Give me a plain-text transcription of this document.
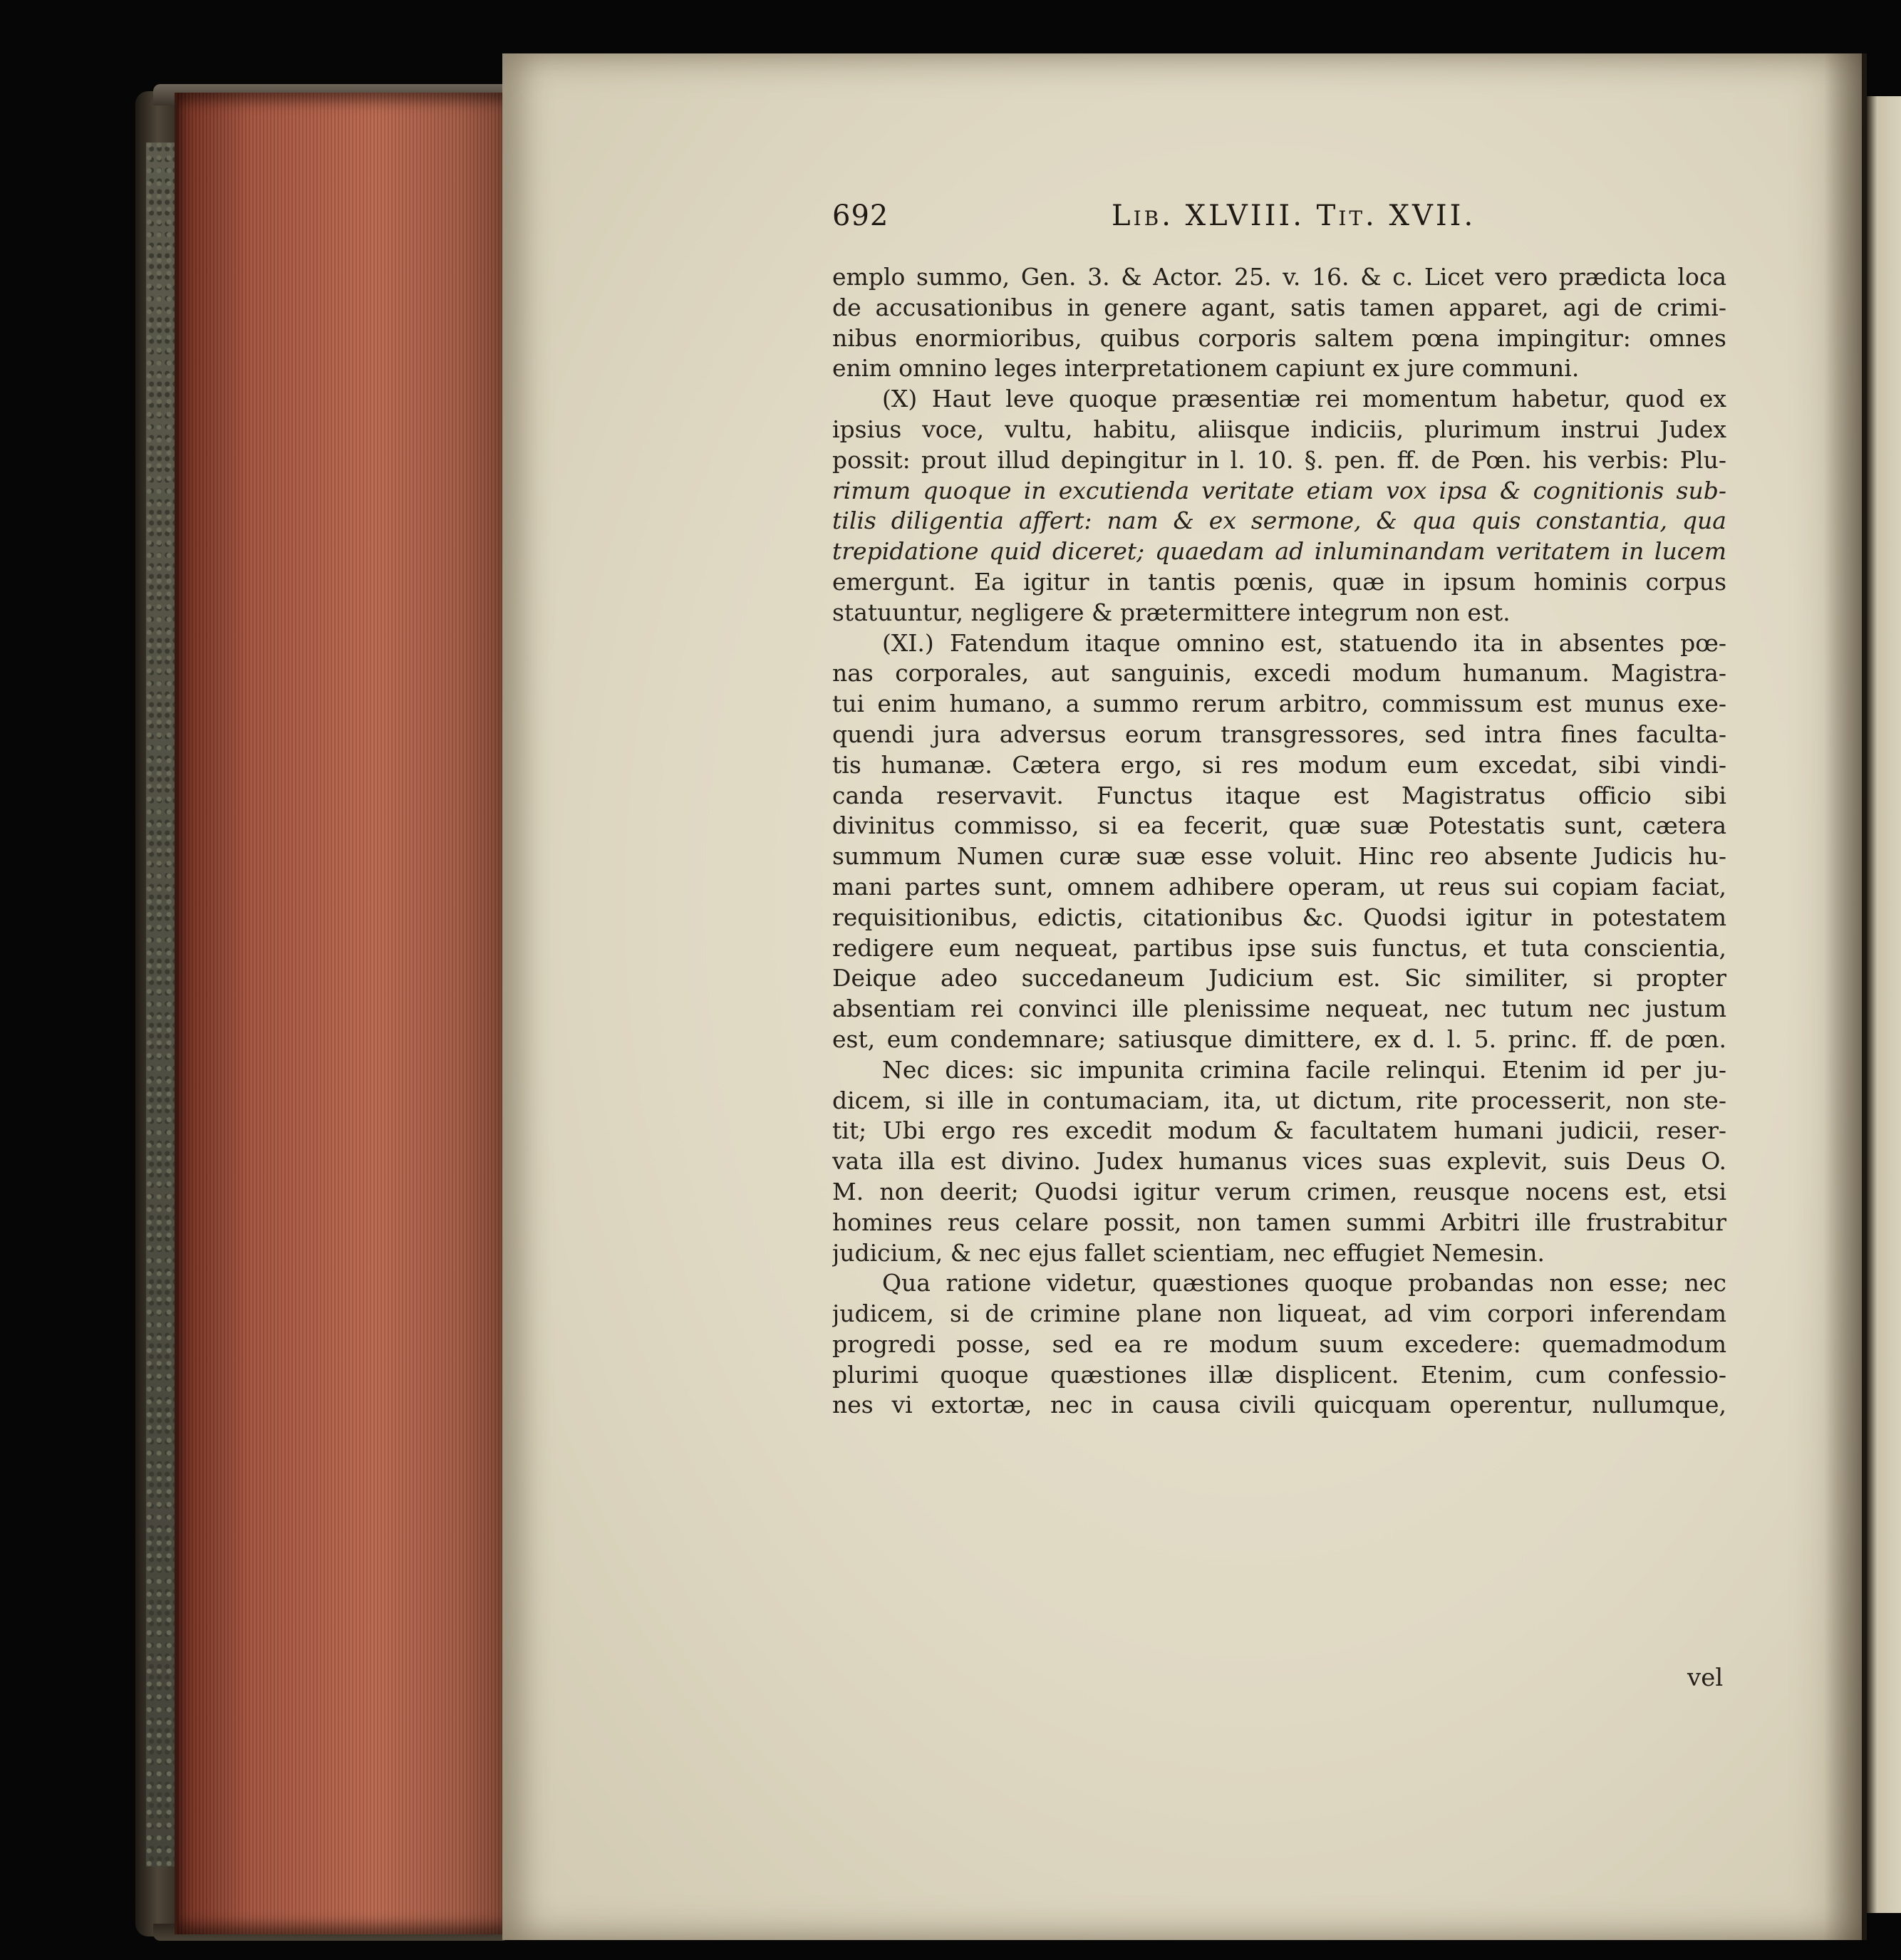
692	Lib. XLVIII. Tit. XVII.
emplo summo, Gen. 3. & Actor. 25. v. 16. & c. Licet vero prædicta loca
de accusationibus in genere agant, satis tamen apparet, agi de crimi-
nibus enormioribus, quibus corporis saltem pœna impingitur: omnes
enim omnino leges interpretationem capiunt ex jure communi.
(X) Haut leve quoque præsentiæ rei momentum habetur, quod ex
ipsius voce, vultu, habitu, aliisque indiciis, plurimum instrui Judex
possit: prout illud depingitur in l. 10. §. pen. ff. de Pœn. his verbis: Plu-
rimum quoque in excutienda veritate etiam vox ipsa & cognitionis sub-
tilis diligentia affert: nam & ex sermone, & qua quis constantia, qua
trepidatione quid diceret; quaedam ad inluminandam veritatem in lucem
emergunt. Ea igitur in tantis pœnis, quæ in ipsum hominis corpus
statuuntur, negligere & prætermittere integrum non est.
(XI.) Fatendum itaque omnino est, statuendo ita in absentes pœ-
nas corporales, aut sanguinis, excedi modum humanum. Magistra-
tui enim humano, a summo rerum arbitro, commissum est munus exe-
quendi jura adversus eorum transgressores, sed intra fines faculta-
tis humanæ. Cætera ergo, si res modum eum excedat, sibi vindi-
canda reservavit. Functus itaque est Magistratus officio sibi
divinitus commisso, si ea fecerit, quæ suæ Potestatis sunt, cætera
summum Numen curæ suæ esse voluit. Hinc reo absente Judicis hu-
mani partes sunt, omnem adhibere operam, ut reus sui copiam faciat,
requisitionibus, edictis, citationibus &c. Quodsi igitur in potestatem
redigere eum nequeat, partibus ipse suis functus, et tuta conscientia,
Deique adeo succedaneum Judicium est. Sic similiter, si propter
absentiam rei convinci ille plenissime nequeat, nec tutum nec justum
est, eum condemnare; satiusque dimittere, ex d. l. 5. princ. ff. de pœn.
Nec dices: sic impunita crimina facile relinqui. Etenim id per ju-
dicem, si ille in contumaciam, ita, ut dictum, rite processerit, non ste-
tit; Ubi ergo res excedit modum & facultatem humani judicii, reser-
vata illa est divino. Judex humanus vices suas explevit, suis Deus O.
M. non deerit; Quodsi igitur verum crimen, reusque nocens est, etsi
homines reus celare possit, non tamen summi Arbitri ille frustrabitur
judicium, & nec ejus fallet scientiam, nec effugiet Nemesin.
Qua ratione videtur, quæstiones quoque probandas non esse; nec
judicem, si de crimine plane non liqueat, ad vim corpori inferendam
progredi posse, sed ea re modum suum excedere: quemadmodum
plurimi quoque quæstiones illæ displicent. Etenim, cum confessio-
nes vi extortæ, nec in causa civili quicquam operentur, nullumque,
vel
